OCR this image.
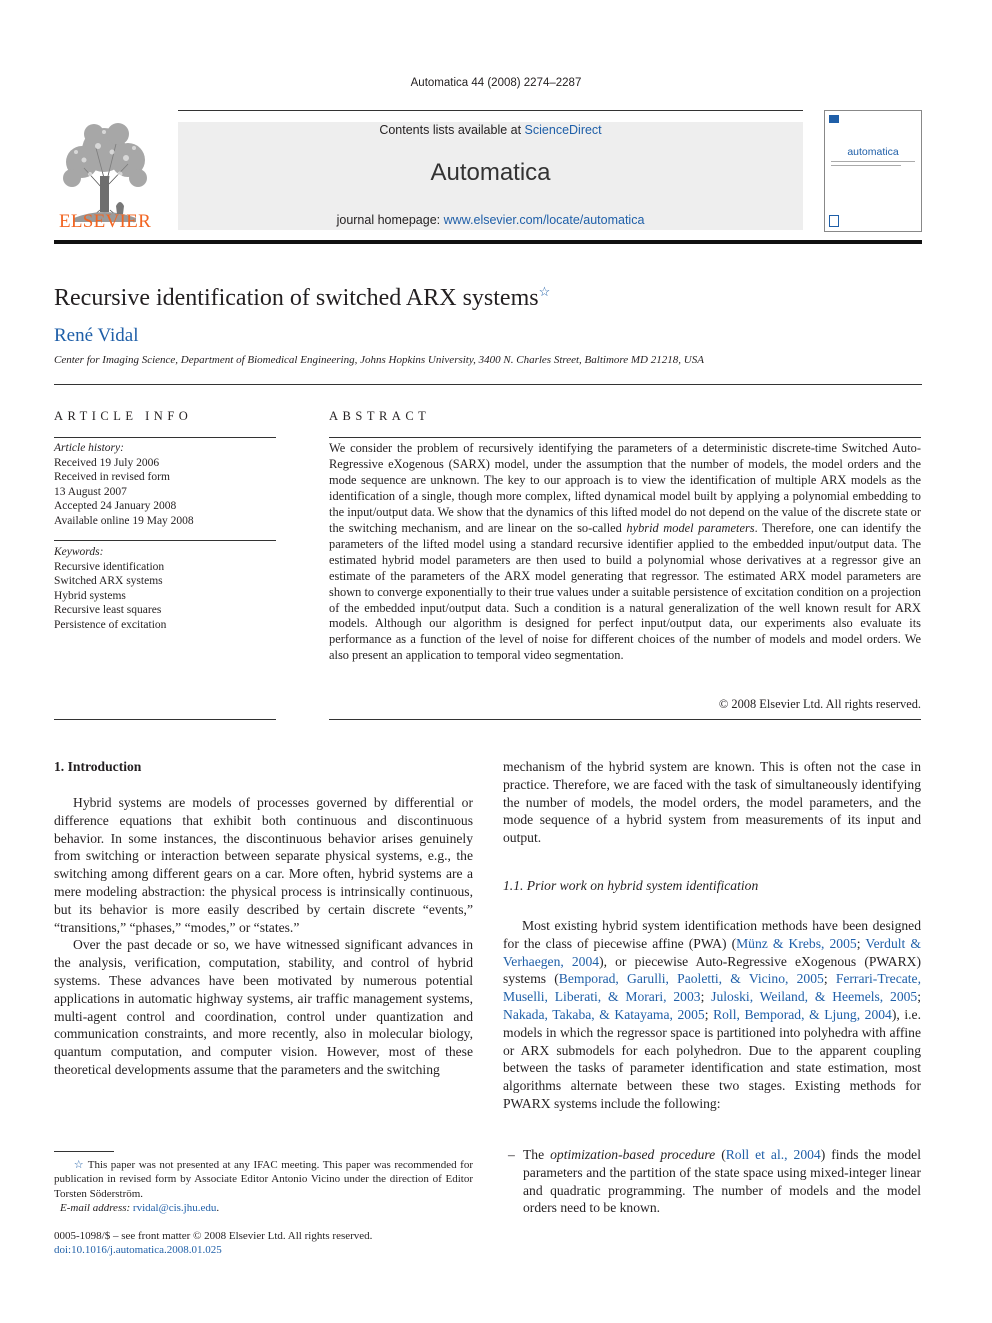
Automatica 44 (2008) 2274–2287
Contents lists available at ScienceDirect
Automatica
journal homepage: www.elsevier.com/locate/automatica
ELSEVIER
automatica
Recursive identification of switched ARX systems☆
René Vidal
Center for Imaging Science, Department of Biomedical Engineering, Johns Hopkins University, 3400 N. Charles Street, Baltimore MD 21218, USA
ARTICLE INFO
Article history:
Received 19 July 2006
Received in revised form
13 August 2007
Accepted 24 January 2008
Available online 19 May 2008
Keywords:
Recursive identification
Switched ARX systems
Hybrid systems
Recursive least squares
Persistence of excitation
ABSTRACT
We consider the problem of recursively identifying the parameters of a deterministic discrete-time Switched Auto-Regressive eXogenous (SARX) model, under the assumption that the number of models, the model orders and the mode sequence are unknown. The key to our approach is to view the identification of multiple ARX models as the identification of a single, though more complex, lifted dynamical model built by applying a polynomial embedding to the input/output data. We show that the dynamics of this lifted model do not depend on the value of the discrete state or the switching mechanism, and are linear on the so-called hybrid model parameters. Therefore, one can identify the parameters of the lifted model using a standard recursive identifier applied to the embedded input/output data. The estimated hybrid model parameters are then used to build a polynomial whose derivatives at a regressor give an estimate of the parameters of the ARX model generating that regressor. The estimated ARX model parameters are shown to converge exponentially to their true values under a suitable persistence of excitation condition on a projection of the embedded input/output data. Such a condition is a natural generalization of the well known result for ARX models. Although our algorithm is designed for perfect input/output data, our experiments also evaluate its performance as a function of the level of noise for different choices of the number of models and model orders. We also present an application to temporal video segmentation.
© 2008 Elsevier Ltd. All rights reserved.
1. Introduction

Hybrid systems are models of processes governed by differential or difference equations that exhibit both continuous and discontinuous behavior. In some instances, the discontinuous behavior arises genuinely from switching or interaction between separate physical systems, e.g., the switching among different gears on a car. More often, hybrid systems are a mere modeling abstraction: the physical process is intrinsically continuous, but its behavior is more easily described by certain discrete “events,” “transitions,” “phases,” “modes,” or “states.”

Over the past decade or so, we have witnessed significant advances in the analysis, verification, computation, stability, and control of hybrid systems. These advances have been motivated by numerous potential applications in automatic highway systems, air traffic management systems, multi-agent control and coordination, control under quantization and communication constraints, and more recently, also in molecular biology, quantum computation, and computer vision. However, most of these theoretical developments assume that the parameters and the switching

☆ This paper was not presented at any IFAC meeting. This paper was recommended for publication in revised form by Associate Editor Antonio Vicino under the direction of Editor Torsten Söderström.
E-mail address: rvidal@cis.jhu.edu.
0005-1098/$ – see front matter © 2008 Elsevier Ltd. All rights reserved.
doi:10.1016/j.automatica.2008.01.025

mechanism of the hybrid system are known. This is often not the case in practice. Therefore, we are faced with the task of simultaneously identifying the number of models, the model orders, the model parameters, and the mode sequence of a hybrid system from measurements of its input and output.

1.1. Prior work on hybrid system identification

Most existing hybrid system identification methods have been designed for the class of piecewise affine (PWA) (Münz & Krebs, 2005; Verdult & Verhaegen, 2004), or piecewise Auto-Regressive eXogenous (PWARX) systems (Bemporad, Garulli, Paoletti, & Vicino, 2005; Ferrari-Trecate, Muselli, Liberati, & Morari, 2003; Juloski, Weiland, & Heemels, 2005; Nakada, Takaba, & Katayama, 2005; Roll, Bemporad, & Ljung, 2004), i.e. models in which the regressor space is partitioned into polyhedra with affine or ARX submodels for each polyhedron. Due to the apparent coupling between the tasks of parameter identification and state estimation, most algorithms alternate between these two stages. Existing methods for PWARX systems include the following:

– The optimization-based procedure (Roll et al., 2004) finds the model parameters and the partition of the state space using mixed-integer linear and quadratic programming. The number of models and the model orders need to be known.
